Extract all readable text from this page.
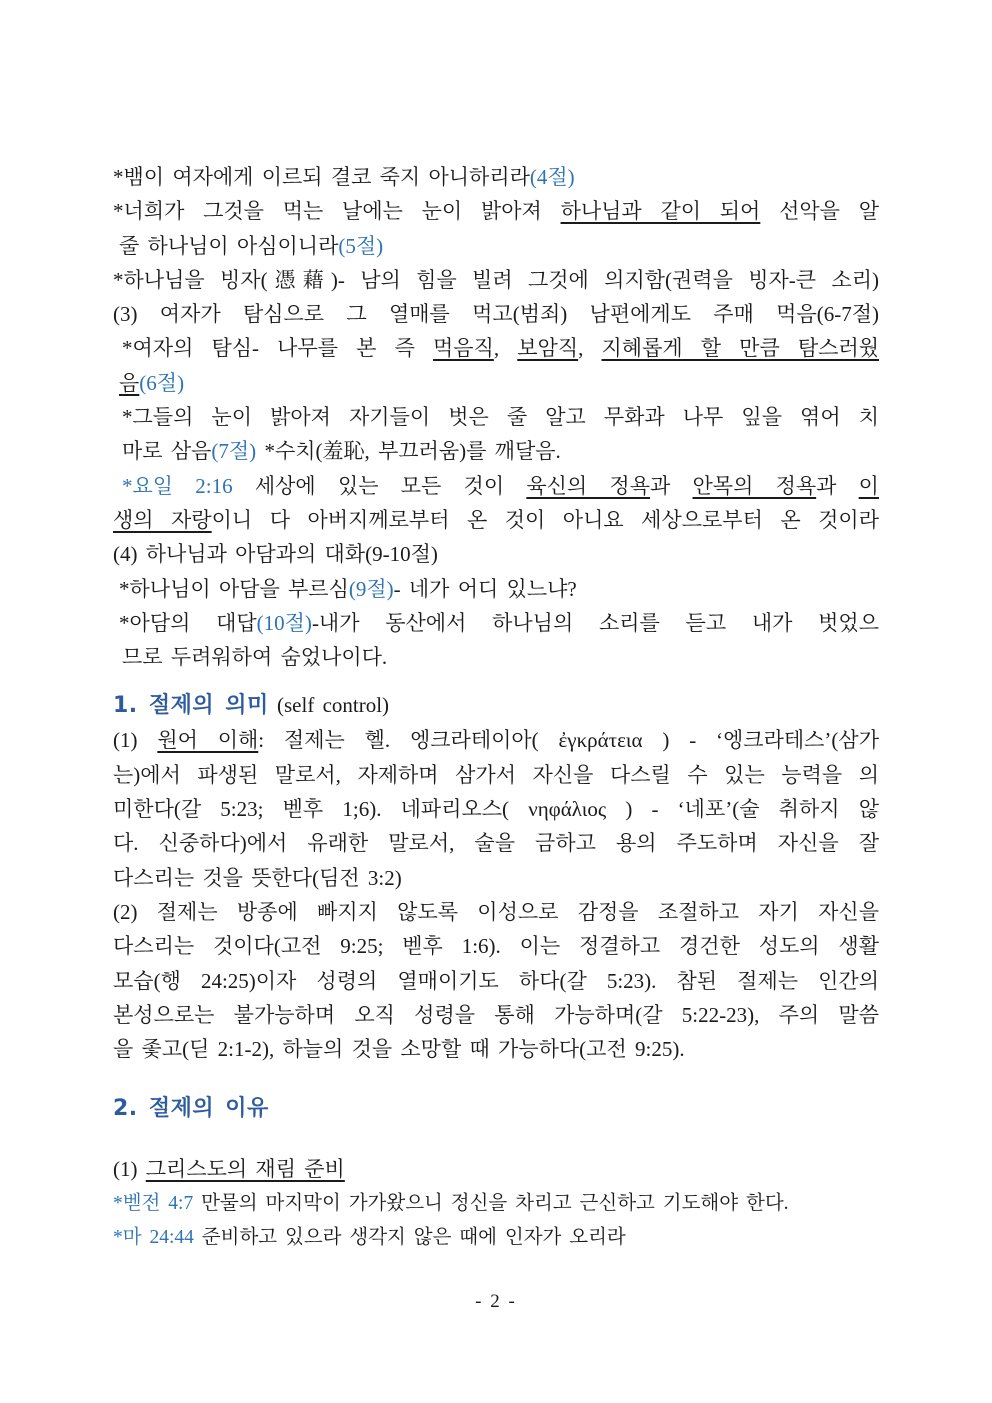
*뱀이 여자에게 이르되 결코 죽지 아니하리라(4절)
*너희가 그것을 먹는 날에는 눈이 밝아져 하나님과 같이 되어 선악을 알
줄 하나님이 아심이니라(5절)
*하나님을 빙자(憑藉)- 남의 힘을 빌려 그것에 의지함(권력을 빙자-큰 소리)
(3) 여자가 탐심으로 그 열매를 먹고(범죄) 남편에게도 주매 먹음(6-7절)
*여자의 탐심- 나무를 본 즉 먹음직, 보암직, 지혜롭게 할 만큼 탐스러웠
음(6절)
*그들의 눈이 밝아져 자기들이 벗은 줄 알고 무화과 나무 잎을 엮어 치
마로 삼음(7절) *수치(羞恥, 부끄러움)를 깨달음.
*요일 2:16 세상에 있는 모든 것이 육신의 정욕과 안목의 정욕과 이
생의 자랑이니 다 아버지께로부터 온 것이 아니요 세상으로부터 온 것이라
(4) 하나님과 아담과의 대화(9-10절)
*하나님이 아담을 부르심(9절)- 네가 어디 있느냐?
*아담의 대답(10절)-내가 동산에서 하나님의 소리를 듣고 내가 벗었으
므로 두려워하여 숨었나이다.
1. 절제의 의미 (self control)
(1) 원어 이해: 절제는 헬. 엥크라테이아( ἐγκράτεια ) - ‘엥크라테스’(삼가
는)에서 파생된 말로서, 자제하며 삼가서 자신을 다스릴 수 있는 능력을 의
미한다(갈 5:23; 벧후 1;6). 네파리오스( νηφάλιος ) - ‘네포’(술 취하지 않
다. 신중하다)에서 유래한 말로서, 술을 금하고 용의 주도하며 자신을 잘
다스리는 것을 뜻한다(딤전 3:2)
(2) 절제는 방종에 빠지지 않도록 이성으로 감정을 조절하고 자기 자신을
다스리는 것이다(고전 9:25; 벧후 1:6). 이는 정결하고 경건한 성도의 생활
모습(행 24:25)이자 성령의 열매이기도 하다(갈 5:23). 참된 절제는 인간의
본성으로는 불가능하며 오직 성령을 통해 가능하며(갈 5:22-23), 주의 말씀
을 좇고(딛 2:1-2), 하늘의 것을 소망할 때 가능하다(고전 9:25).
2. 절제의 이유
(1) 그리스도의 재림 준비
*벧전 4:7 만물의 마지막이 가가왔으니 정신을 차리고 근신하고 기도해야 한다.
*마 24:44 준비하고 있으라 생각지 않은 때에 인자가 오리라
- 2 -
